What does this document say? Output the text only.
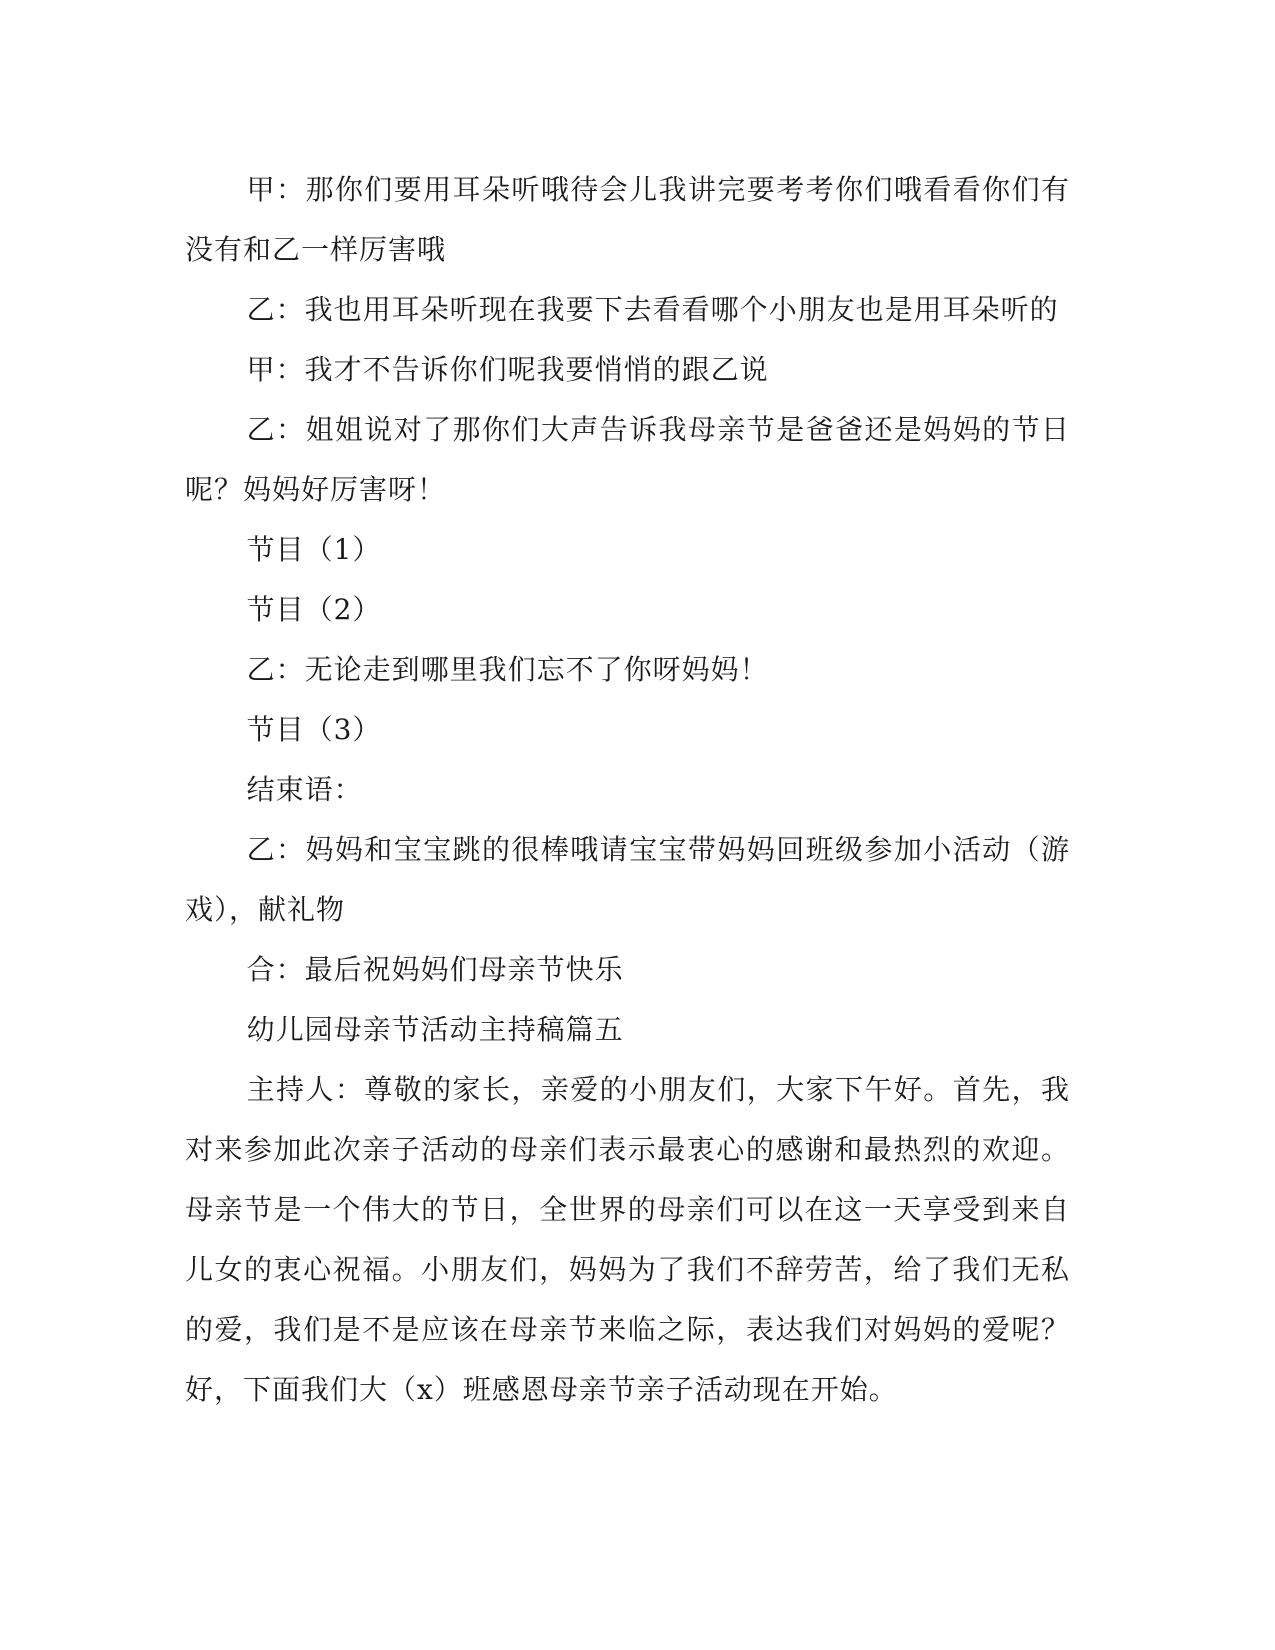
甲：那你们要用耳朵听哦待会儿我讲完要考考你们哦看看你们有没有和乙一样厉害哦

乙：我也用耳朵听现在我要下去看看哪个小朋友也是用耳朵听的

甲：我才不告诉你们呢我要悄悄的跟乙说

乙：姐姐说对了那你们大声告诉我母亲节是爸爸还是妈妈的节日呢？妈妈好厉害呀！

节目（1）

节目（2）

乙：无论走到哪里我们忘不了你呀妈妈！

节目（3）

结束语：

乙：妈妈和宝宝跳的很棒哦请宝宝带妈妈回班级参加小活动（游戏），献礼物

合：最后祝妈妈们母亲节快乐

幼儿园母亲节活动主持稿篇五

主持人：尊敬的家长，亲爱的小朋友们，大家下午好。首先，我对来参加此次亲子活动的母亲们表示最衷心的感谢和最热烈的欢迎。母亲节是一个伟大的节日，全世界的母亲们可以在这一天享受到来自儿女的衷心祝福。小朋友们，妈妈为了我们不辞劳苦，给了我们无私的爱，我们是不是应该在母亲节来临之际，表达我们对妈妈的爱呢？好，下面我们大（x）班感恩母亲节亲子活动现在开始。
